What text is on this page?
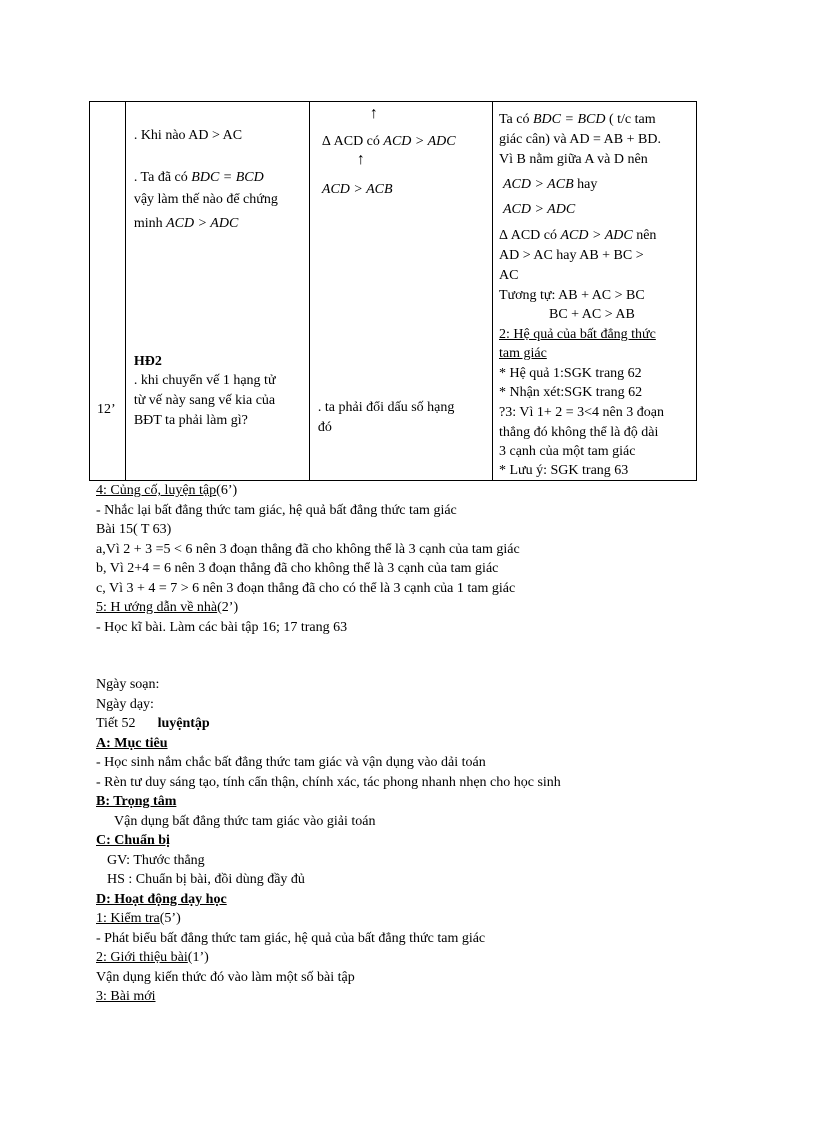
12’

. Khi nào AD > AC
. Ta đã có BDC = BCD
vậy làm thế nào để chứng
minh ACD > ADC
HĐ2
. khi chuyển vế 1 hạng tử
từ vế này sang vế kia của
BĐT ta phải làm gì?

↑
Δ ACD có ACD > ADC
↑
ACD > ACB
. ta phải đổi dấu số hạng
đó

Ta có BDC = BCD ( t/c tam
giác cân) và AD = AB + BD.
Vì B nằm giữa A và D nên
ACD > ACB hay
ACD > ADC
Δ ACD có ACD > ADC nên
AD > AC hay AB + BC >
AC
Tương tự: AB + AC > BC
BC + AC > AB
2: Hệ quả của bất đẳng thức
tam giác
* Hệ quả 1:SGK trang 62
* Nhận xét:SGK trang 62
?3: Vì 1+ 2 = 3<4 nên 3 đoạn
thẳng đó không thể là độ dài
3 cạnh của một tam giác
* Lưu ý: SGK trang 63
4: Củng cố, luyện tập(6’)
- Nhắc lại bất đẳng thức tam giác, hệ quả bất đẳng thức tam giác
Bài 15( T 63)
a,Vì 2 + 3 =5 < 6 nên 3 đoạn thẳng đã cho không thể là 3 cạnh của tam giác
b, Vì 2+4 = 6 nên 3 đoạn thẳng đã cho không thể là 3 cạnh của tam giác
c, Vì 3 + 4 = 7 > 6 nên 3 đoạn thẳng đã cho có thể là 3 cạnh của 1 tam giác
5: H ướng dẫn về nhà(2’)
- Học kĩ bài. Làm các bài tập 16; 17 trang 63
Ngày soạn:
Ngày dạy:
Tiết 52 luyệntập
A: Mục tiêu
- Học sinh nắm chắc bất đẳng thức tam giác và vận dụng vào dải toán
- Rèn tư duy sáng tạo, tính cẩn thận, chính xác, tác phong nhanh nhẹn cho học sinh
B: Trọng tâm
Vận dụng bất đẳng thức tam giác vào giải toán
C: Chuẩn bị
GV: Thước thẳng
HS : Chuẩn bị bài, đồi dùng đầy đủ
D: Hoạt động dạy học
1: Kiểm tra(5’)
- Phát biểu bất đẳng thức tam giác, hệ quả của bất đẳng thức tam giác
2: Giới thiệu bài(1’)
Vận dụng kiến thức đó vào làm một số bài tập
3: Bài mới
